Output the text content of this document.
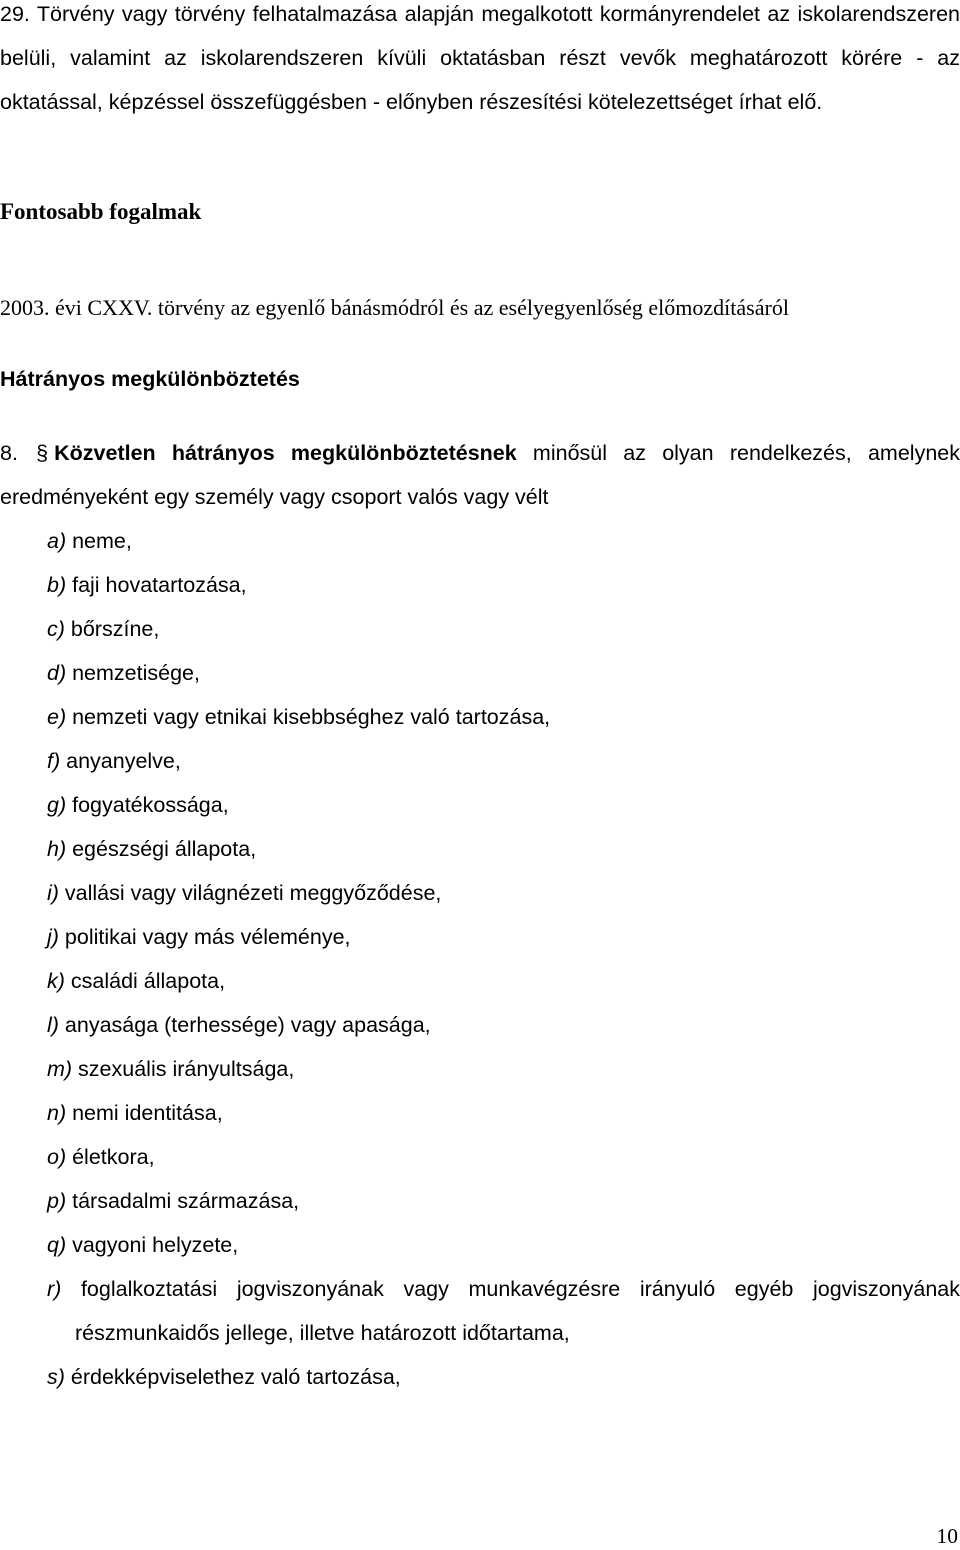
29. Törvény vagy törvény felhatalmazása alapján megalkotott kormányrendelet az iskolarendszeren belüli, valamint az iskolarendszeren kívüli oktatásban részt vevők meghatározott körére - az oktatással, képzéssel összefüggésben - előnyben részesítési kötelezettséget írhat elő.

Fontosabb fogalmak

2003. évi CXXV. törvény az egyenlő bánásmódról és az esélyegyenlőség előmozdításáról

Hátrányos megkülönböztetés

8. § Közvetlen hátrányos megkülönböztetésnek minősül az olyan rendelkezés, amelynek eredményeként egy személy vagy csoport valós vagy vélt

a) neme,
b) faji hovatartozása,
c) bőrszíne,
d) nemzetisége,
e) nemzeti vagy etnikai kisebbséghez való tartozása,
f) anyanyelve,
g) fogyatékossága,
h) egészségi állapota,
i) vallási vagy világnézeti meggyőződése,
j) politikai vagy más véleménye,
k) családi állapota,
l) anyasága (terhessége) vagy apasága,
m) szexuális irányultsága,
n) nemi identitása,
o) életkora,
p) társadalmi származása,
q) vagyoni helyzete,
r) foglalkoztatási jogviszonyának vagy munkavégzésre irányuló egyéb jogviszonyának részmunkaidős jellege, illetve határozott időtartama,
s) érdekképviselethez való tartozása,

10
